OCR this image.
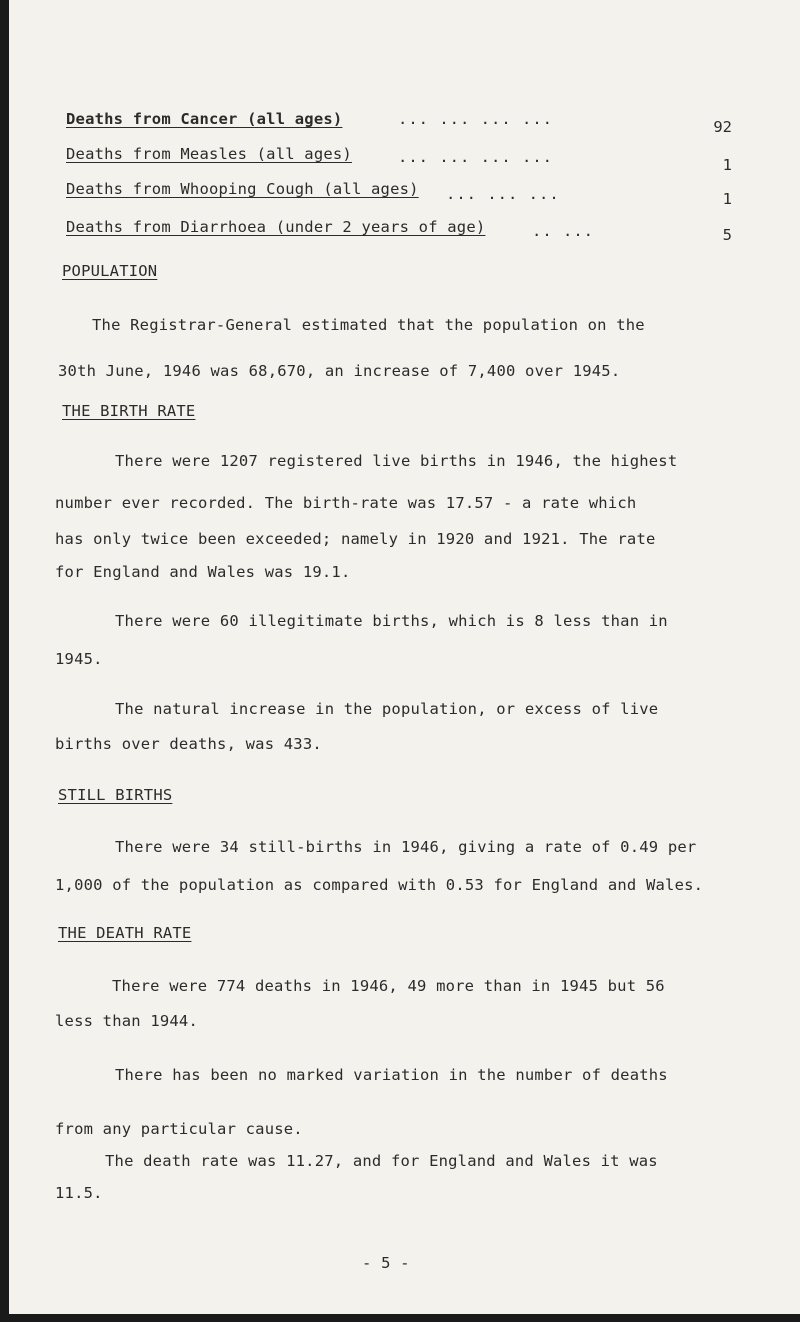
Deaths from Cancer (all ages)	... ... ... ...	92
Deaths from Measles (all ages)	... ... ... ...	1
Deaths from Whooping Cough (all ages) ... ... ...	1
Deaths from Diarrhoea (under 2 years of age)	.. ...	5
POPULATION
The Registrar-General estimated that the population on the
30th June, 1946 was 68,670, an increase of 7,400 over 1945.
THE BIRTH RATE
There were 1207 registered live births in 1946, the highest
number ever recorded. The birth-rate was 17.57 - a rate which
has only twice been exceeded; namely in 1920 and 1921. The rate
for England and Wales was 19.1.
There were 60 illegitimate births, which is 8 less than in
1945.
The natural increase in the population, or excess of live
births over deaths, was 433.
STILL BIRTHS
There were 34 still-births in 1946, giving a rate of 0.49 per
1,000 of the population as compared with 0.53 for England and Wales.
THE DEATH RATE
There were 774 deaths in 1946, 49 more than in 1945 but 56
less than 1944.
There has been no marked variation in the number of deaths
from any particular cause.
The death rate was 11.27, and for England and Wales it was
11.5.
- 5 -
